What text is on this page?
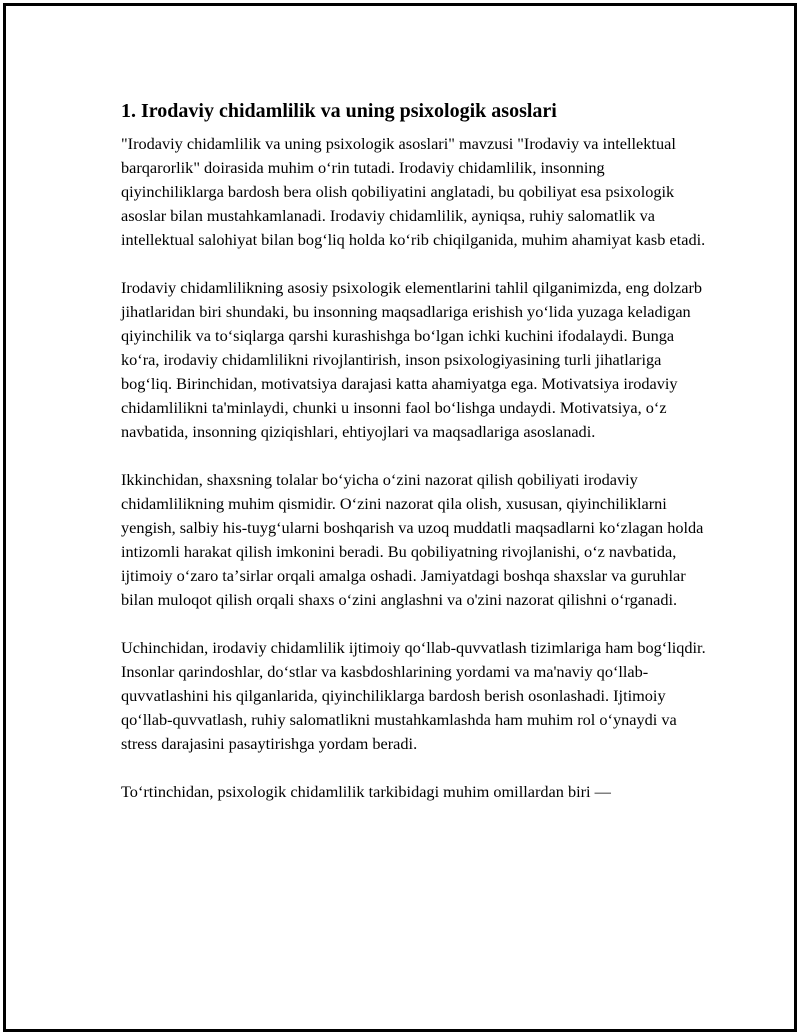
1. Irodaviy chidamlilik va uning psixologik asoslari

"Irodaviy chidamlilik va uning psixologik asoslari" mavzusi "Irodaviy va intellektual barqarorlik" doirasida muhim oʻrin tutadi. Irodaviy chidamlilik, insonning qiyinchiliklarga bardosh bera olish qobiliyatini anglatadi, bu qobiliyat esa psixologik asoslar bilan mustahkamlanadi. Irodaviy chidamlilik, ayniqsa, ruhiy salomatlik va intellektual salohiyat bilan bogʻliq holda koʻrib chiqilganida, muhim ahamiyat kasb etadi.

Irodaviy chidamlilikning asosiy psixologik elementlarini tahlil qilganimizda, eng dolzarb jihatlaridan biri shundaki, bu insonning maqsadlariga erishish yoʻlida yuzaga keladigan qiyinchilik va toʻsiqlarga qarshi kurashishga boʻlgan ichki kuchini ifodalaydi. Bunga koʻra, irodaviy chidamlilikni rivojlantirish, inson psixologiyasining turli jihatlariga bogʻliq. Birinchidan, motivatsiya darajasi katta ahamiyatga ega. Motivatsiya irodaviy chidamlilikni ta'minlaydi, chunki u insonni faol boʻlishga undaydi. Motivatsiya, oʻz navbatida, insonning qiziqishlari, ehtiyojlari va maqsadlariga asoslanadi.

Ikkinchidan, shaxsning tolalar boʻyicha oʻzini nazorat qilish qobiliyati irodaviy chidamlilikning muhim qismidir. Oʻzini nazorat qila olish, xususan, qiyinchiliklarni yengish, salbiy his-tuygʻularni boshqarish va uzoq muddatli maqsadlarni koʻzlagan holda intizomli harakat qilish imkonini beradi. Bu qobiliyatning rivojlanishi, oʻz navbatida, ijtimoiy oʻzaro taʼsirlar orqali amalga oshadi. Jamiyatdagi boshqa shaxslar va guruhlar bilan muloqot qilish orqali shaxs oʻzini anglashni va o'zini nazorat qilishni oʻrganadi.

Uchinchidan, irodaviy chidamlilik ijtimoiy qoʻllab-quvvatlash tizimlariga ham bogʻliqdir. Insonlar qarindoshlar, doʻstlar va kasbdoshlarining yordami va ma'naviy qoʻllab-quvvatlashini his qilganlarida, qiyinchiliklarga bardosh berish osonlashadi. Ijtimoiy qoʻllab-quvvatlash, ruhiy salomatlikni mustahkamlashda ham muhim rol oʻynaydi va stress darajasini pasaytirishga yordam beradi.

Toʻrtinchidan, psixologik chidamlilik tarkibidagi muhim omillardan biri —
